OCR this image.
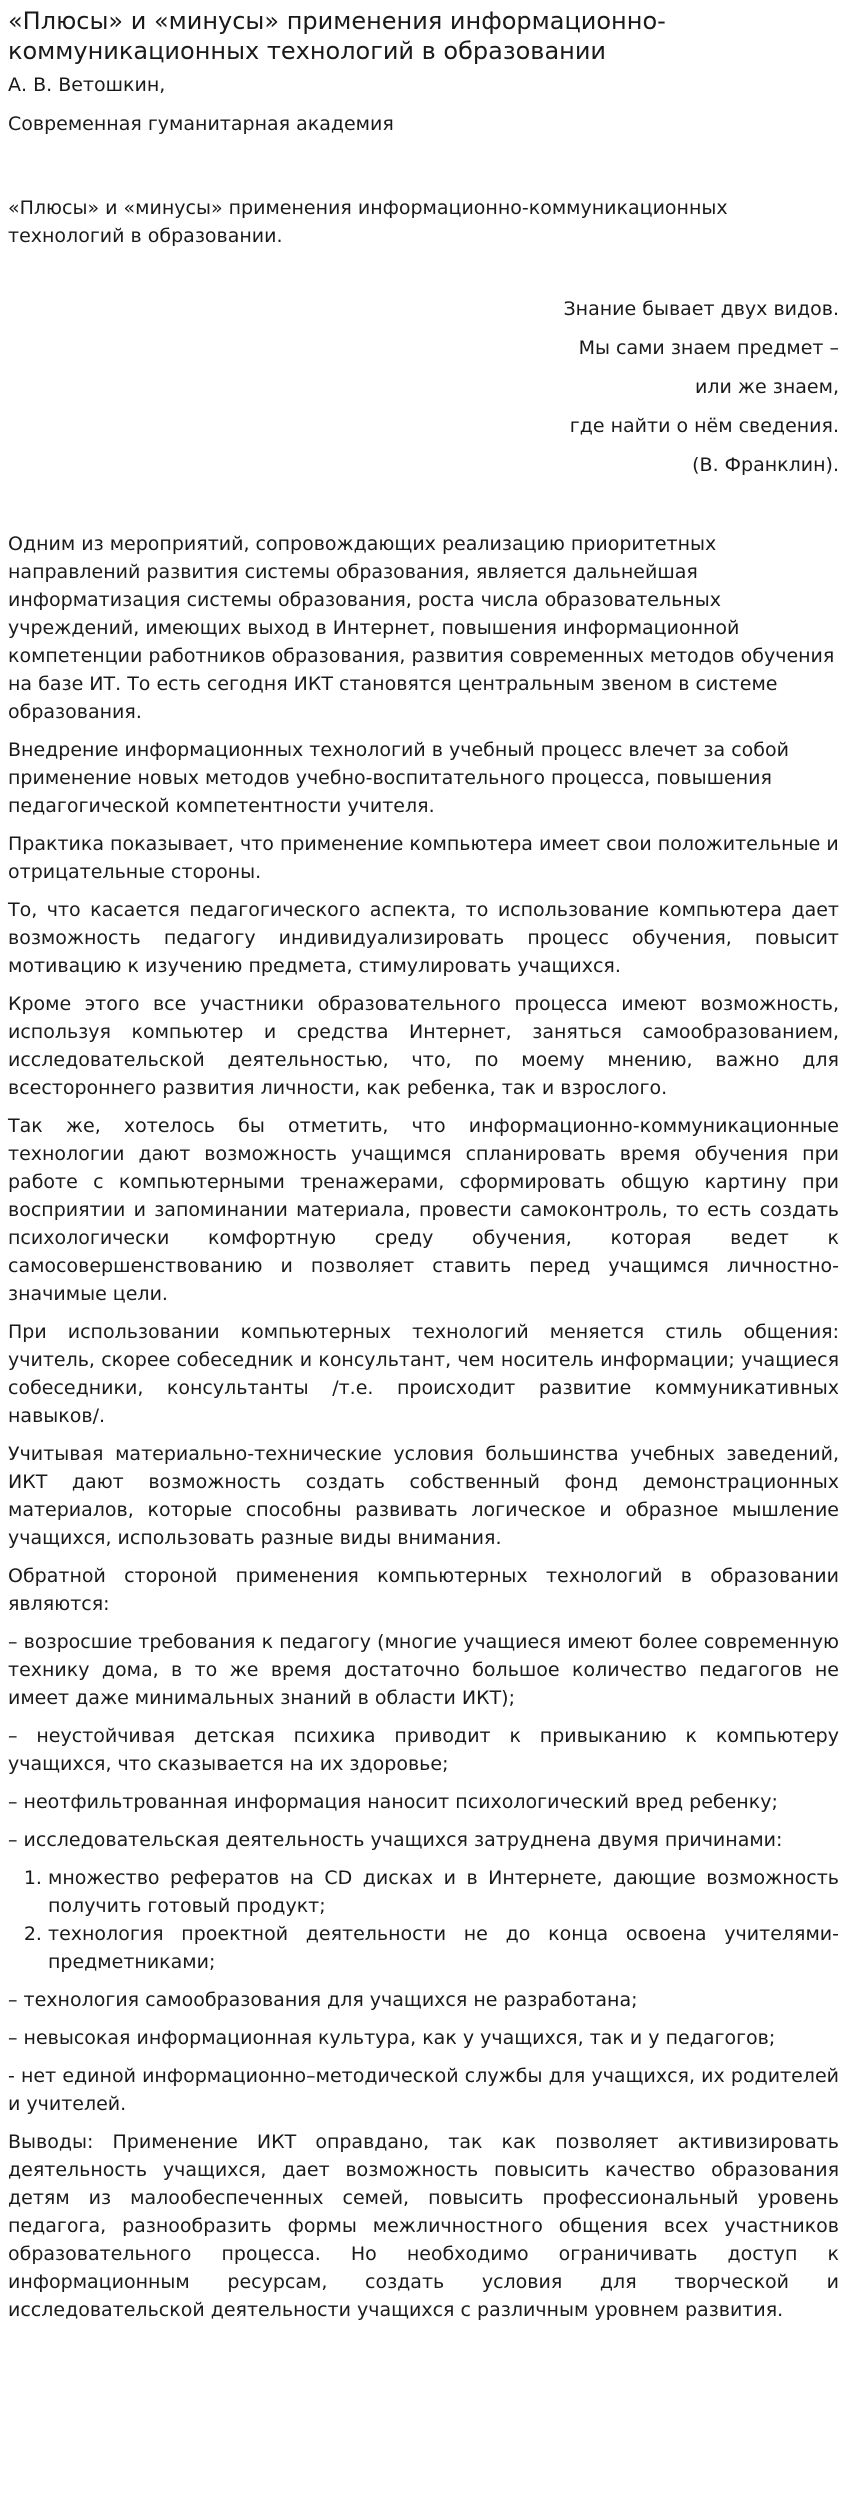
«Плюсы» и «минусы» применения информационно-коммуникационных технологий в образовании

А. В. Ветошкин,

Современная гуманитарная академия

«Плюсы» и «минусы» применения информационно-коммуникационных технологий в образовании.

Знание бывает двух видов.

Мы сами знаем предмет –

или же знаем,

где найти о нём сведения.

(В. Франклин).

Одним из мероприятий, сопровождающих реализацию приоритетных направлений развития системы образования, является дальнейшая информатизация системы образования, роста числа образовательных учреждений, имеющих выход в Интернет, повышения информационной компетенции работников образования, развития современных методов обучения на базе ИТ. То есть сегодня ИКТ становятся центральным звеном в системе образования.

Внедрение информационных технологий в учебный процесс влечет за собой применение новых методов учебно-воспитательного процесса, повышения педагогической компетентности учителя.

Практика показывает, что применение компьютера имеет свои положительные и отрицательные стороны.

То, что касается педагогического аспекта, то использование компьютера дает возможность педагогу индивидуализировать процесс обучения, повысит мотивацию к изучению предмета, стимулировать учащихся.

Кроме этого все участники образовательного процесса имеют возможность, используя компьютер и средства Интернет, заняться самообразованием, исследовательской деятельностью, что, по моему мнению, важно для всестороннего развития личности, как ребенка, так и взрослого.

Так же, хотелось бы отметить, что информационно-коммуникационные технологии дают возможность учащимся спланировать время обучения при работе с компьютерными тренажерами, сформировать общую картину при восприятии и запоминании материала, провести самоконтроль, то есть создать психологически комфортную среду обучения, которая ведет к самосовершенствованию и позволяет ставить перед учащимся личностно-значимые цели.

При использовании компьютерных технологий меняется стиль общения: учитель, скорее собеседник и консультант, чем носитель информации; учащиеся собеседники, консультанты /т.е. происходит развитие коммуникативных навыков/.

Учитывая материально-технические условия большинства учебных заведений, ИКТ дают возможность создать собственный фонд демонстрационных материалов, которые способны развивать логическое и образное мышление учащихся, использовать разные виды внимания.

Обратной стороной применения компьютерных технологий в образовании являются:

– возросшие требования к педагогу (многие учащиеся имеют более современную технику дома, в то же время достаточно большое количество педагогов не имеет даже минимальных знаний в области ИКТ);

– неустойчивая детская психика приводит к привыканию к компьютеру учащихся, что сказывается на их здоровье;

– неотфильтрованная информация наносит психологический вред ребенку;

– исследовательская деятельность учащихся затруднена двумя причинами:

1. множество рефератов на CD дисках и в Интернете, дающие возможность получить готовый продукт;
2. технология проектной деятельности не до конца освоена учителями-предметниками;

– технология самообразования для учащихся не разработана;

– невысокая информационная культура, как у учащихся, так и у педагогов;

- нет единой информационно–методической службы для учащихся, их родителей и учителей.

Выводы: Применение ИКТ оправдано, так как позволяет активизировать деятельность учащихся, дает возможность повысить качество образования детям из малообеспеченных семей, повысить профессиональный уровень педагога, разнообразить формы межличностного общения всех участников образовательного процесса. Но необходимо ограничивать доступ к информационным ресурсам, создать условия для творческой и исследовательской деятельности учащихся с различным уровнем развития.
